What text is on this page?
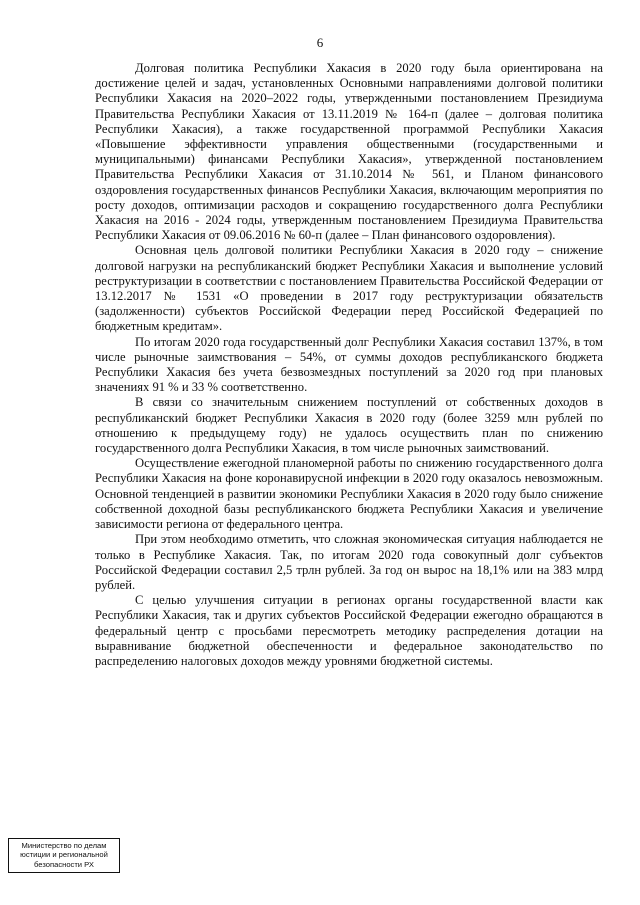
6

Долговая политика Республики Хакасия в 2020 году была ориентирована на достижение целей и задач, установленных Основными направлениями долговой политики Республики Хакасия на 2020–2022 годы, утвержденными постановлением Президиума Правительства Республики Хакасия от 13.11.2019 № 164-п (далее – долговая политика Республики Хакасия), а также государственной программой Республики Хакасия «Повышение эффективности управления общественными (государственными и муниципальными) финансами Республики Хакасия», утвержденной постановлением Правительства Республики Хакасия от 31.10.2014 № 561, и Планом финансового оздоровления государственных финансов Республики Хакасия, включающим мероприятия по росту доходов, оптимизации расходов и сокращению государственного долга Республики Хакасия на 2016 - 2024 годы, утвержденным постановлением Президиума Правительства Республики Хакасия от 09.06.2016 № 60-п (далее – План финансового оздоровления).

Основная цель долговой политики Республики Хакасия в 2020 году – снижение долговой нагрузки на республиканский бюджет Республики Хакасия и выполнение условий реструктуризации в соответствии с постановлением Правительства Российской Федерации от 13.12.2017 № 1531 «О проведении в 2017 году реструктуризации обязательств (задолженности) субъектов Российской Федерации перед Российской Федерацией по бюджетным кредитам».

По итогам 2020 года государственный долг Республики Хакасия составил 137%, в том числе рыночные заимствования – 54%, от суммы доходов республиканского бюджета Республики Хакасия без учета безвозмездных поступлений за 2020 год при плановых значениях 91 % и 33 % соответственно.

В связи со значительным снижением поступлений от собственных доходов в республиканский бюджет Республики Хакасия в 2020 году (более 3259 млн рублей по отношению к предыдущему году) не удалось осуществить план по снижению государственного долга Республики Хакасия, в том числе рыночных заимствований.

Осуществление ежегодной планомерной работы по снижению государственного долга Республики Хакасия на фоне коронавирусной инфекции в 2020 году оказалось невозможным. Основной тенденцией в развитии экономики Республики Хакасия в 2020 году было снижение собственной доходной базы республиканского бюджета Республики Хакасия и увеличение зависимости региона от федерального центра.

При этом необходимо отметить, что сложная экономическая ситуация наблюдается не только в Республике Хакасия. Так, по итогам 2020 года совокупный долг субъектов Российской Федерации составил 2,5 трлн рублей. За год он вырос на 18,1% или на 383 млрд рублей.

С целью улучшения ситуации в регионах органы государственной власти как Республики Хакасия, так и других субъектов Российской Федерации ежегодно обращаются в федеральный центр с просьбами пересмотреть методику распределения дотации на выравнивание бюджетной обеспеченности и федеральное законодательство по распределению налоговых доходов между уровнями бюджетной системы.

Министерство по делам
юстиции и региональной
безопасности РХ
